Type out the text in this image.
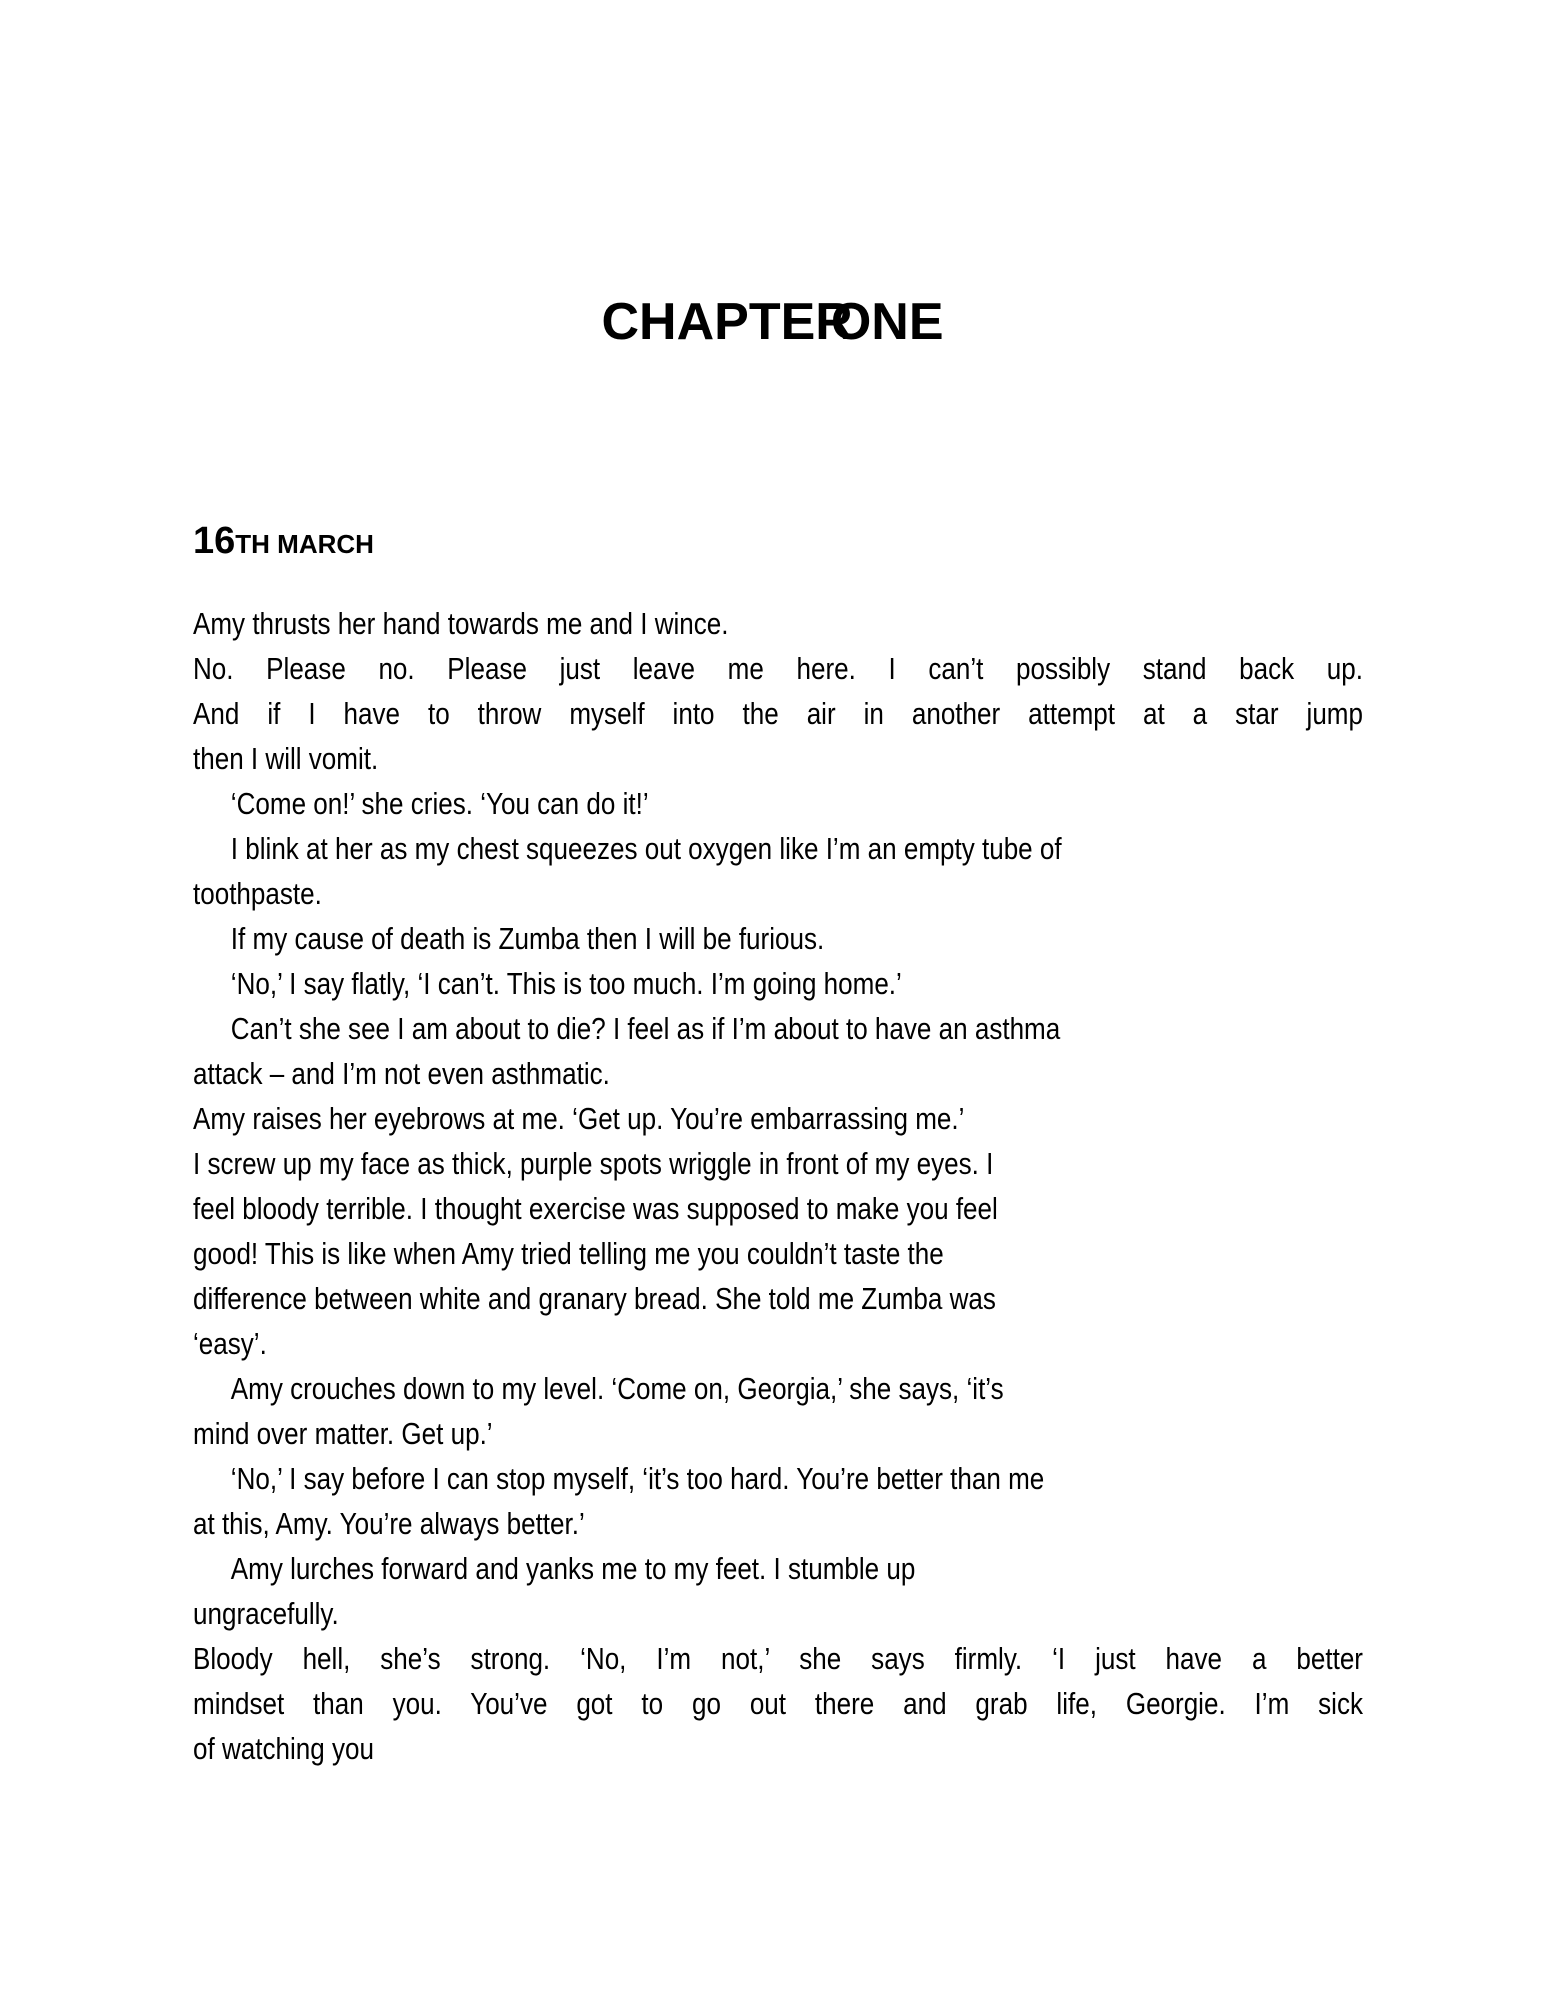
CHAPTERONE
16TH MARCH
Amy thrusts her hand towards me and I wince.
No. Please no. Please just leave me here. I can’t possibly stand back up.
And if I have to throw myself into the air in another attempt at a star jump
then I will vomit.
‘Come on!’ she cries. ‘You can do it!’
I blink at her as my chest squeezes out oxygen like I’m an empty tube of
toothpaste.
If my cause of death is Zumba then I will be furious.
‘No,’ I say flatly, ‘I can’t. This is too much. I’m going home.’
Can’t she see I am about to die? I feel as if I’m about to have an asthma
attack – and I’m not even asthmatic.
Amy raises her eyebrows at me. ‘Get up. You’re embarrassing me.’
I screw up my face as thick, purple spots wriggle in front of my eyes. I
feel bloody terrible. I thought exercise was supposed to make you feel
good! This is like when Amy tried telling me you couldn’t taste the
difference between white and granary bread. She told me Zumba was
‘easy’.
Amy crouches down to my level. ‘Come on, Georgia,’ she says, ‘it’s
mind over matter. Get up.’
‘No,’ I say before I can stop myself, ‘it’s too hard. You’re better than me
at this, Amy. You’re always better.’
Amy lurches forward and yanks me to my feet. I stumble up
ungracefully.
Bloody hell, she’s strong. ‘No, I’m not,’ she says firmly. ‘I just have a better
mindset than you. You’ve got to go out there and grab life, Georgie. I’m sick
of watching you
